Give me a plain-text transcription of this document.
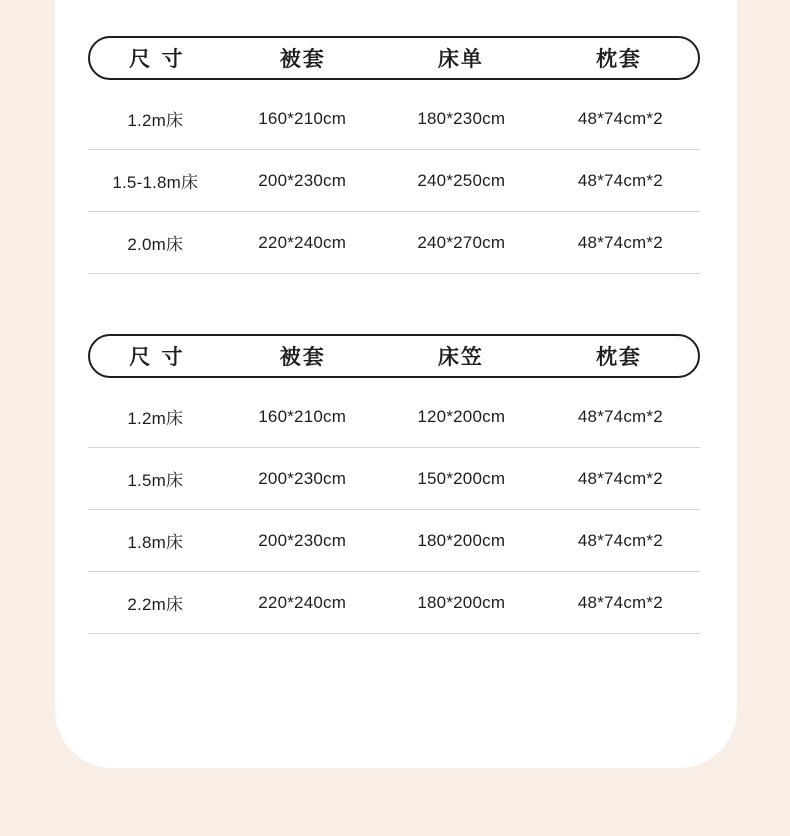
尺 寸	被套	床单	枕套
1.2m床	160*210cm	180*230cm	48*74cm*2
1.5-1.8m床	200*230cm	240*250cm	48*74cm*2
2.0m床	220*240cm	240*270cm	48*74cm*2
尺 寸	被套	床笠	枕套
1.2m床	160*210cm	120*200cm	48*74cm*2
1.5m床	200*230cm	150*200cm	48*74cm*2
1.8m床	200*230cm	180*200cm	48*74cm*2
2.2m床	220*240cm	180*200cm	48*74cm*2
